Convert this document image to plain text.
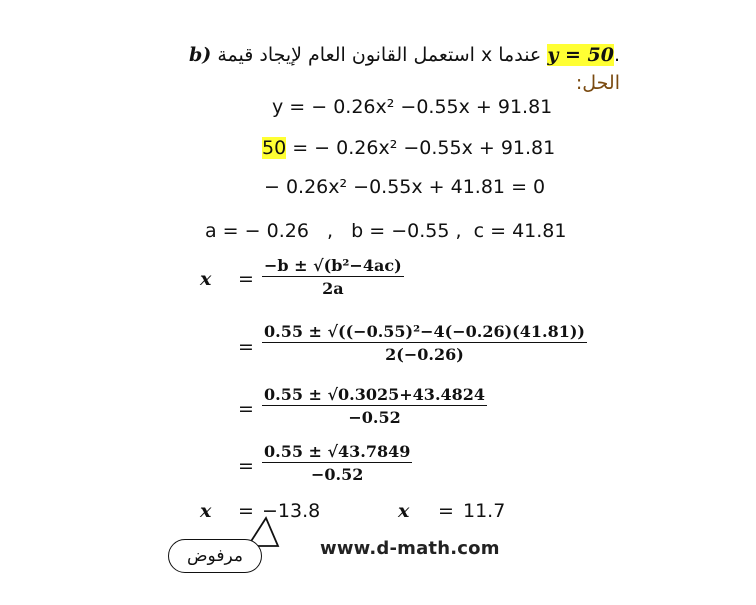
b) استعمل القانون العام لإيجاد قيمة x عندما y = 50.
الحل:
y = − 0.26x² −0.55x + 91.81
50 = − 0.26x² −0.55x + 91.81
− 0.26x² −0.55x + 41.81 = 0
a = − 0.26   ,   b = −0.55 ,  c = 41.81
$x = \frac{\text{−b ± √(b²−4ac)}}{2a}$
= $\frac{\text{0.55 ± √((−0.55)²−4(−0.26)(41.81))}}{2(-0.26)}$
= $\frac{0.55 \pm √0.3025+43.4824}{-0.52}$
= $\frac{0.55 \pm √43.7849}{-0.52}$
x = −13.8	x = 11.7
مرفوض	www.d-math.com
